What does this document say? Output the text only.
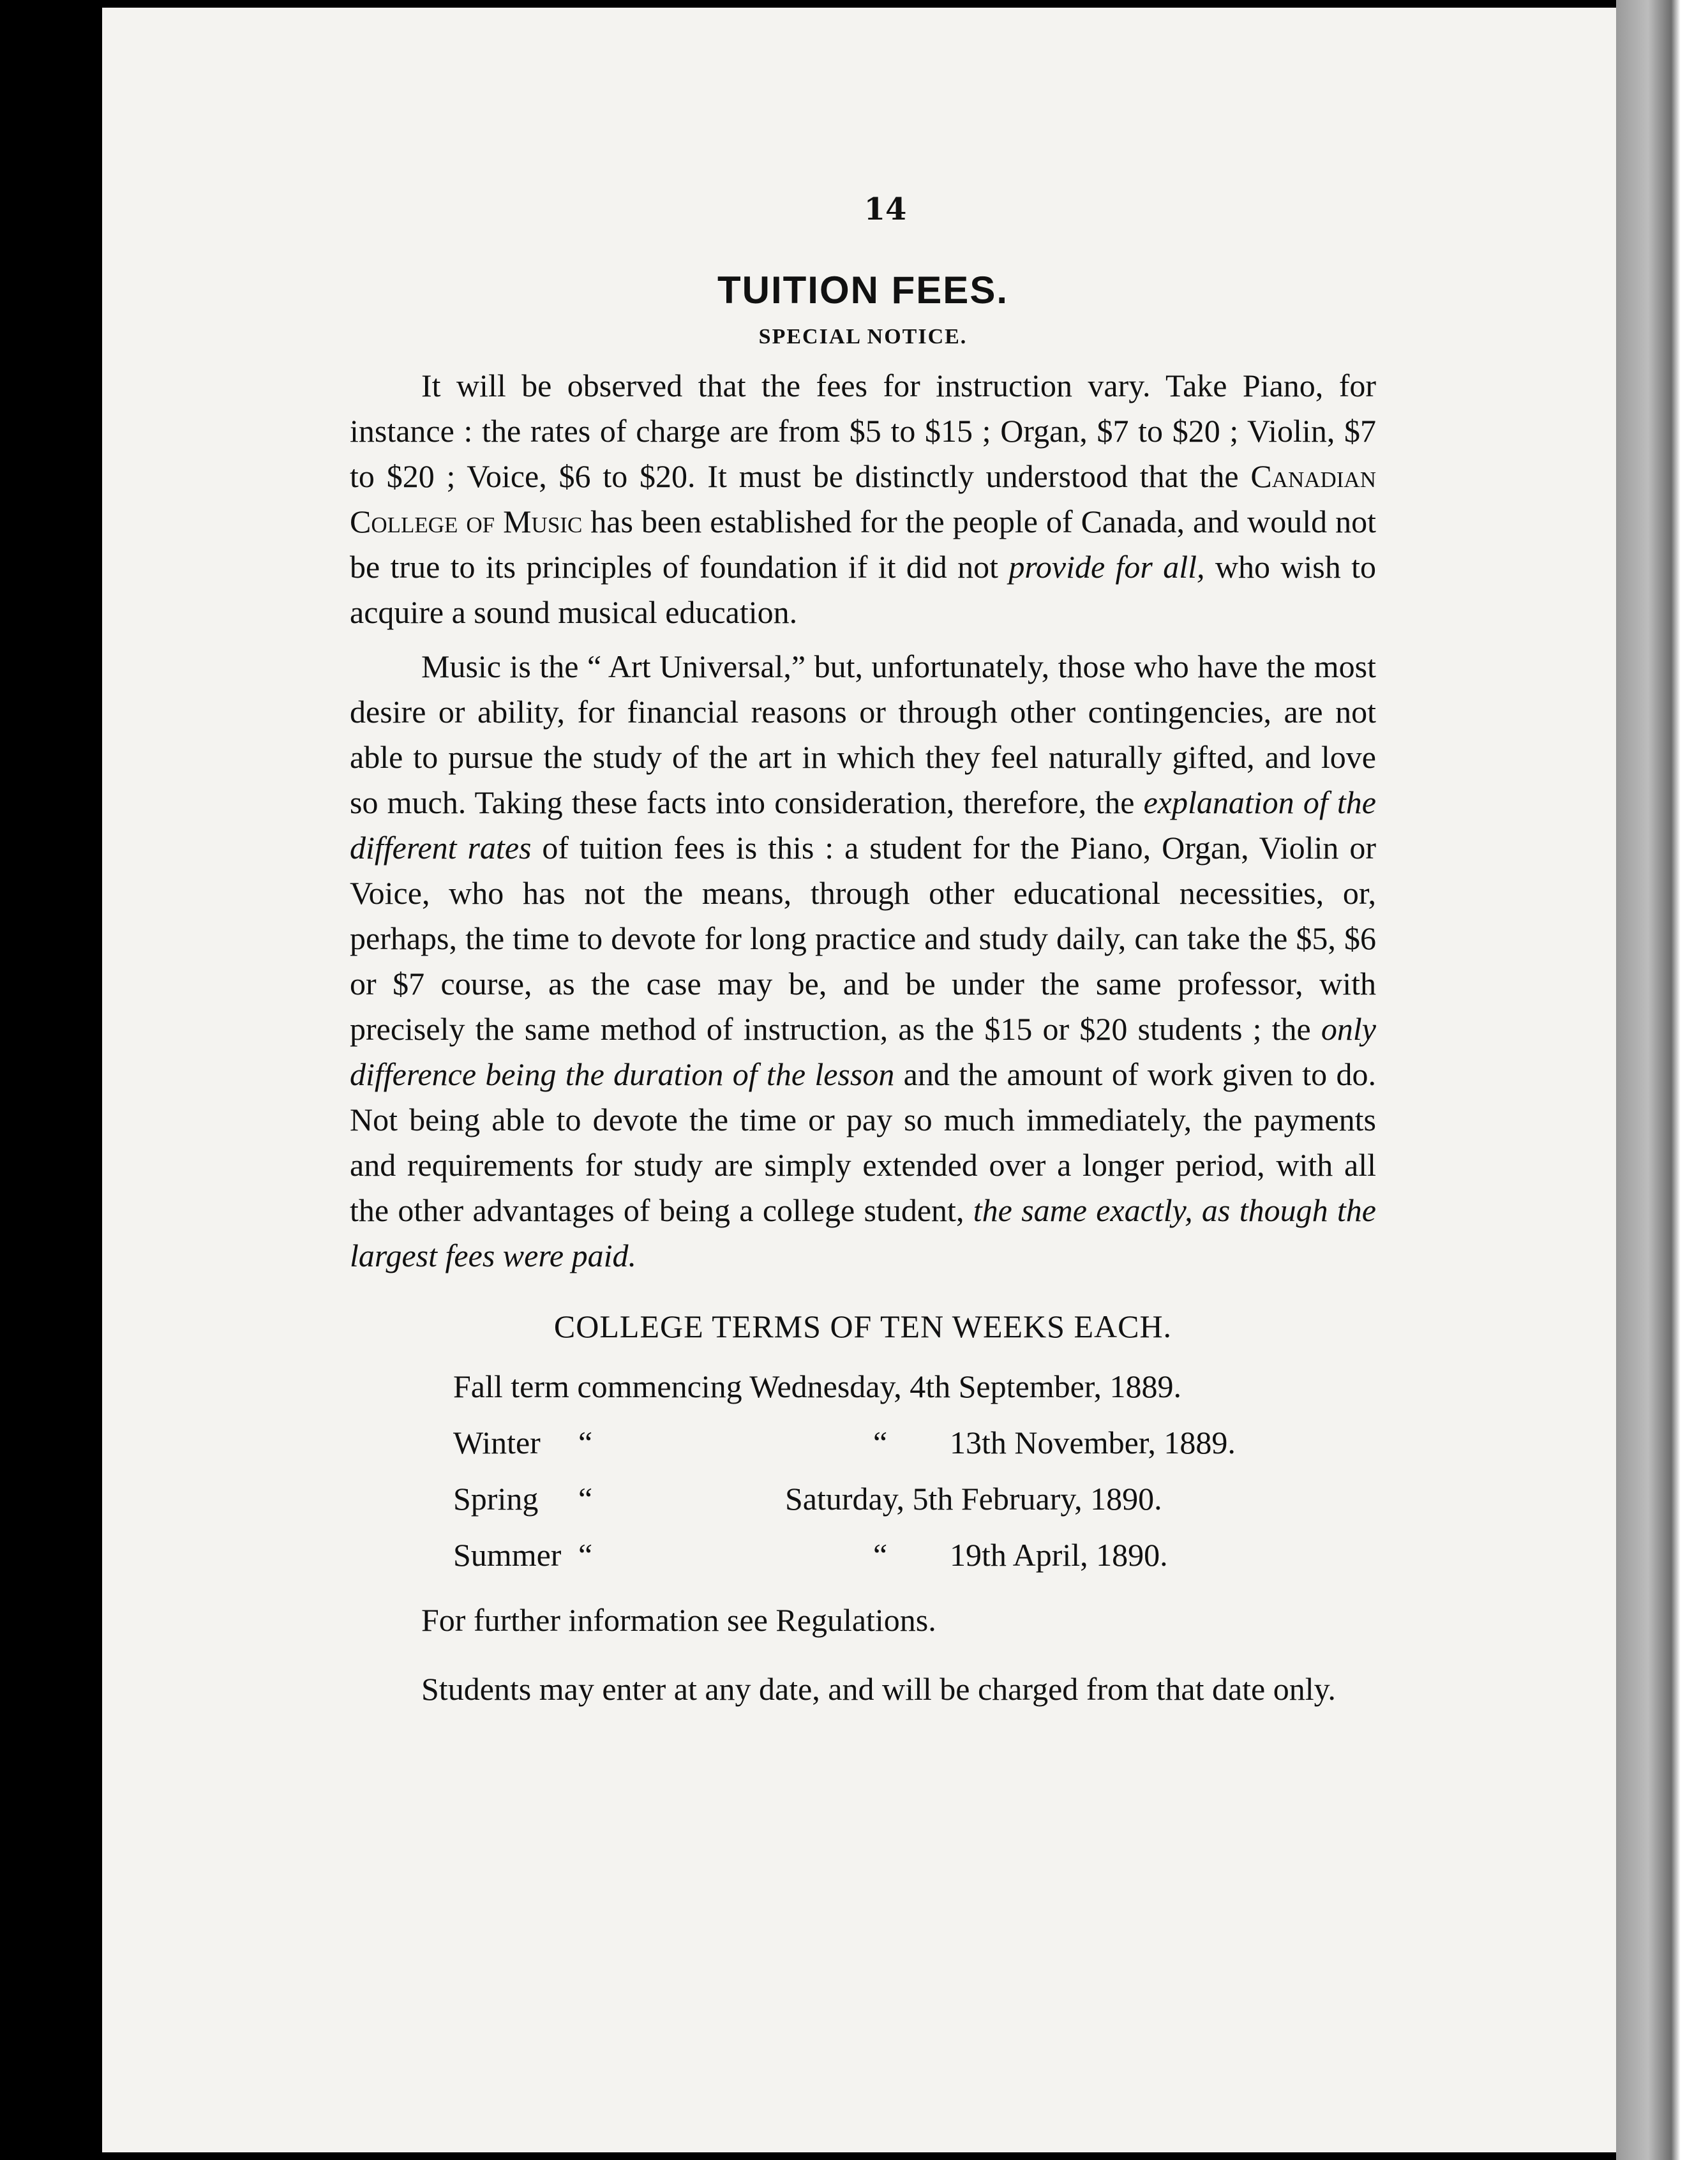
14
TUITION FEES.
SPECIAL NOTICE.

It will be observed that the fees for instruction vary. Take Piano, for instance : the rates of charge are from $5 to $15 ; Organ, $7 to $20 ; Violin, $7 to $20 ; Voice, $6 to $20. It must be distinctly understood that the Canadian College of Music has been established for the people of Canada, and would not be true to its principles of foundation if it did not provide for all, who wish to acquire a sound musical education.

Music is the “ Art Universal,” but, unfortunately, those who have the most desire or ability, for financial reasons or through other contingencies, are not able to pursue the study of the art in which they feel naturally gifted, and love so much. Taking these facts into consideration, therefore, the explanation of the different rates of tuition fees is this : a student for the Piano, Organ, Violin or Voice, who has not the means, through other educational necessities, or, perhaps, the time to devote for long practice and study daily, can take the $5, $6 or $7 course, as the case may be, and be under the same professor, with precisely the same method of instruction, as the $15 or $20 students ; the only difference being the duration of the lesson and the amount of work given to do. Not being able to devote the time or pay so much immediately, the payments and requirements for study are simply extended over a longer period, with all the other advantages of being a college student, the same exactly, as though the largest fees were paid.

COLLEGE TERMS OF TEN WEEKS EACH.
Fall term commencing Wednesday, 4th September, 1889.
Winter “	“ 13th November, 1889.
Spring “	Saturday, 5th February, 1890.
Summer “	“ 19th April, 1890.
For further information see Regulations.

Students may enter at any date, and will be charged from that date only.
